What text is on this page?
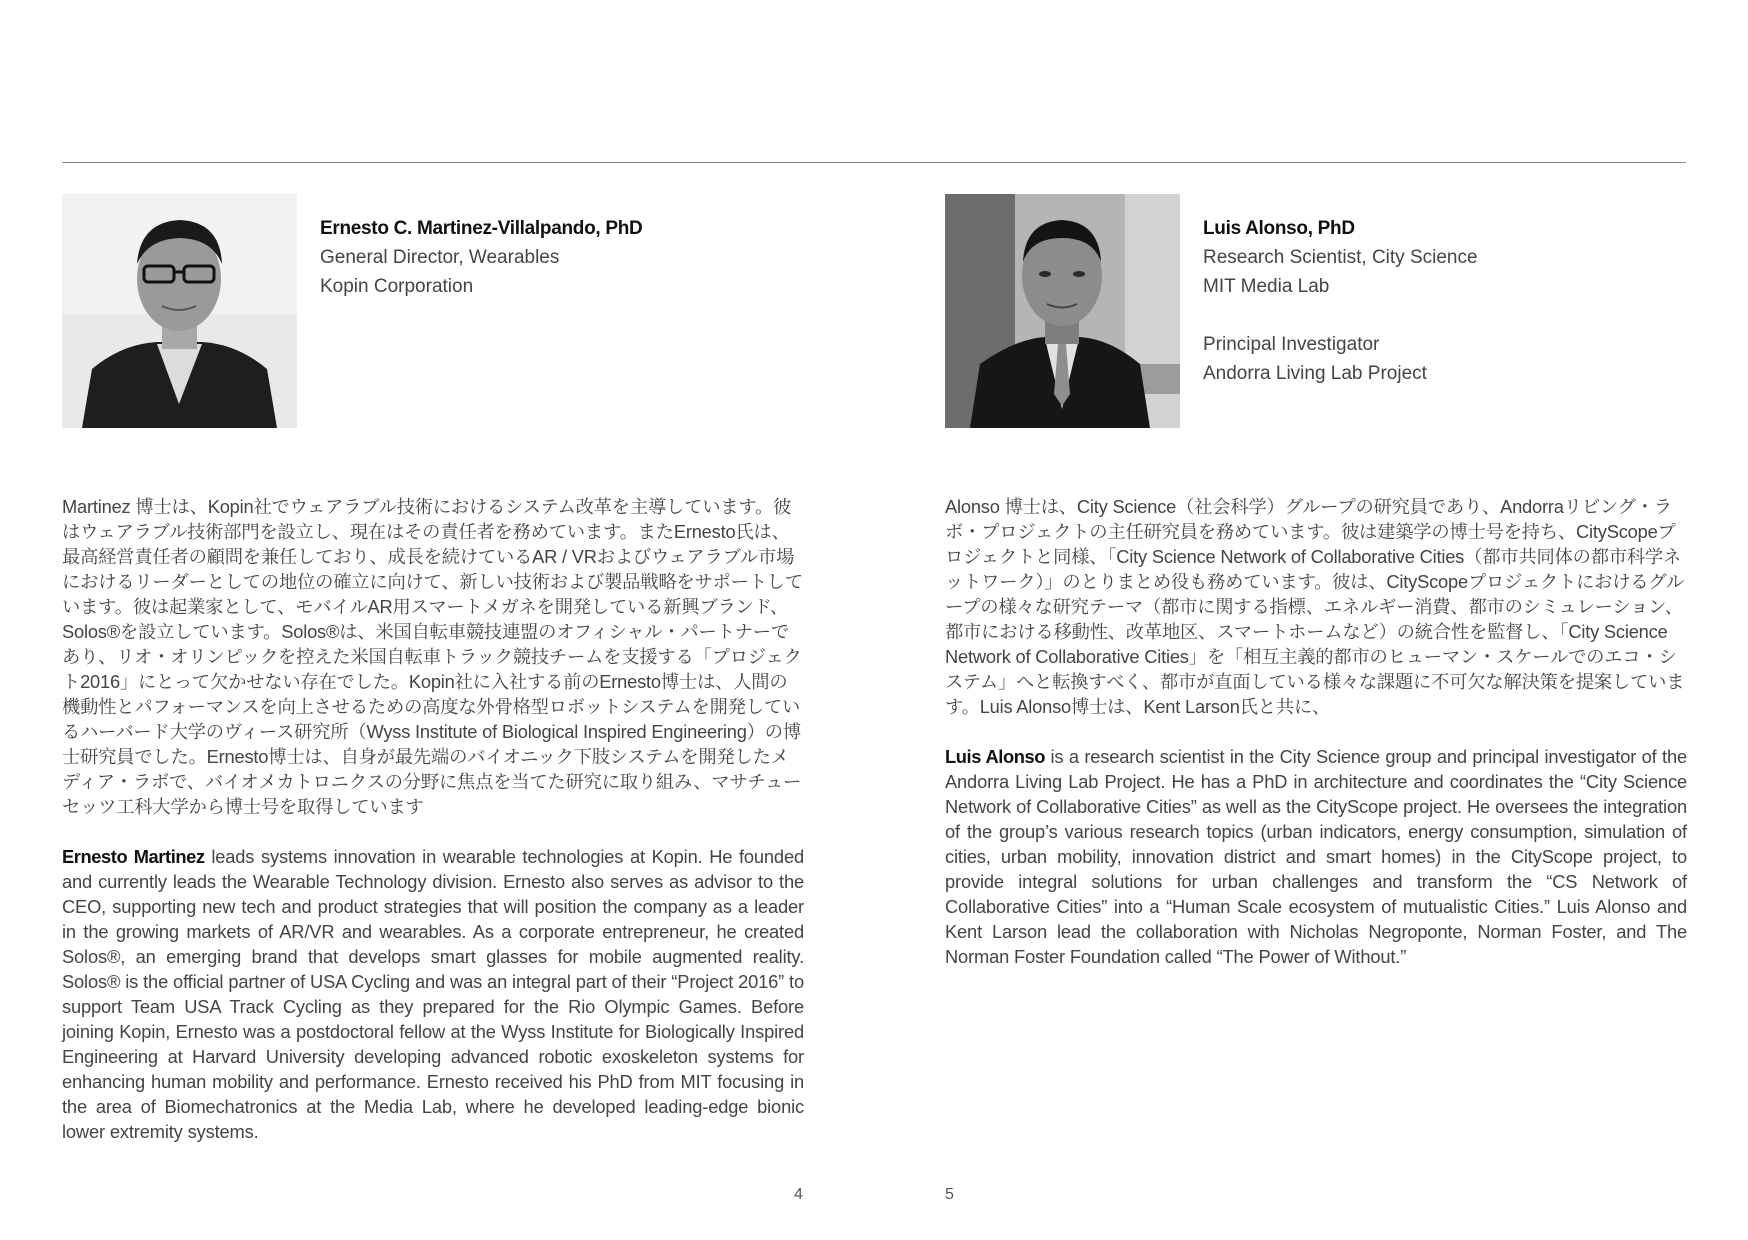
Ernesto C. Martinez-Villalpando, PhD
General Director, Wearables
Kopin Corporation
Luis Alonso, PhD
Research Scientist, City Science
MIT Media Lab
Principal Investigator
Andorra Living Lab Project

Martinez 博士は、Kopin社でウェアラブル技術におけるシステム改革を主導しています。彼はウェアラブル技術部門を設立し、現在はその責任者を務めています。またErnesto氏は、最高経営責任者の顧問を兼任しており、成長を続けているAR / VRおよびウェアラブル市場におけるリーダーとしての地位の確立に向けて、新しい技術および製品戦略をサポートしています。彼は起業家として、モバイルAR用スマートメガネを開発している新興ブランド、Solos®を設立しています。Solos®は、米国自転車競技連盟のオフィシャル・パートナーであり、リオ・オリンピックを控えた米国自転車トラック競技チームを支援する「プロジェクト2016」にとって欠かせない存在でした。Kopin社に入社する前のErnesto博士は、人間の機動性とパフォーマンスを向上させるための高度な外骨格型ロボットシステムを開発しているハーバード大学のヴィース研究所（Wyss Institute of Biological Inspired Engineering）の博士研究員でした。Ernesto博士は、自身が最先端のバイオニック下肢システムを開発したメディア・ラボで、バイオメカトロニクスの分野に焦点を当てた研究に取り組み、マサチューセッツ工科大学から博士号を取得しています

Ernesto Martinez leads systems innovation in wearable technologies at Kopin. He founded and currently leads the Wearable Technology division. Ernesto also serves as advisor to the CEO, supporting new tech and product strategies that will position the company as a leader in the growing markets of AR/VR and wearables. As a corporate entrepreneur, he created Solos®, an emerging brand that develops smart glasses for mobile augmented reality. Solos® is the official partner of USA Cycling and was an integral part of their “Project 2016” to support Team USA Track Cycling as they prepared for the Rio Olympic Games. Before joining Kopin, Ernesto was a postdoctoral fellow at the Wyss Institute for Biologically Inspired Engineering at Harvard University developing advanced robotic exoskeleton systems for enhancing human mobility and performance. Ernesto received his PhD from MIT focusing in the area of Biomechatronics at the Media Lab, where he developed leading-edge bionic lower extremity systems.

Alonso 博士は、City Science（社会科学）グループの研究員であり、Andorraリビング・ラボ・プロジェクトの主任研究員を務めています。彼は建築学の博士号を持ち、CityScopeプロジェクトと同様、「City Science Network of Collaborative Cities（都市共同体の都市科学ネットワーク）」のとりまとめ役も務めています。彼は、CityScopeプロジェクトにおけるグループの様々な研究テーマ（都市に関する指標、エネルギー消費、都市のシミュレーション、都市における移動性、改革地区、スマートホームなど）の統合性を監督し、「City Science Network of Collaborative Cities」を「相互主義的都市のヒューマン・スケールでのエコ・システム」へと転換すべく、都市が直面している様々な課題に不可欠な解決策を提案しています。Luis Alonso博士は、Kent Larson氏と共に、

Luis Alonso is a research scientist in the City Science group and principal investigator of the Andorra Living Lab Project. He has a PhD in architecture and coordinates the “City Science Network of Collaborative Cities” as well as the CityScope project. He oversees the integration of the group’s various research topics (urban indicators, energy consumption, simulation of cities, urban mobility, innovation district and smart homes) in the CityScope project, to provide integral solutions for urban challenges and transform the “CS Network of Collaborative Cities” into a “Human Scale ecosystem of mutualistic Cities.” Luis Alonso and Kent Larson lead the collaboration with Nicholas Negroponte, Norman Foster, and The Norman Foster Foundation called “The Power of Without.”

4	5
